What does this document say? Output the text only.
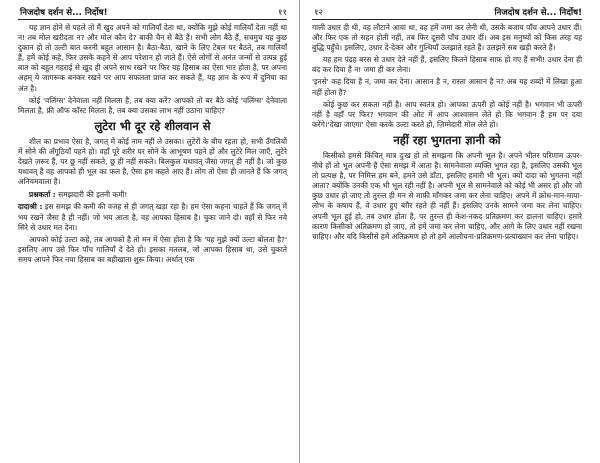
निजदोष दर्शन से... निर्दोष!	११

यह ज्ञान होने से पहले तो मैं खुद अपने को गालियाँ देता था, क्योंकि मुझे कोई गालियाँ देता नहीं था न! तब मोल खरीदता न? और मोल कौन दे? बाकी चैन से बैठे हैं। सभी लोग बैठे हैं, सचमुच यह कुछ दुकान हो तो उल्टी बात करनी बहुत आसान है। बैठा-बैठा, खाने के लिए टेबल पर बैठते, तब गालियाँ हैं, हमें कोई कहे, फिर उसके कहने से आप परेशान हो जाते हैं। ऐसे लोगों से अनंत जन्मों से उत्पन्न हुई बात को बहुत गहराई से ख़ुद ही अपने साथ रखने पर फिर यह हिसाब का ऐसा भार होता है, पर अपना अहम् ये जागरूक बनकर रखने पर आप सफलता प्राप्त कर सकते हैं, यह ज्ञान के रूप में दुनिया का अंत है।

कोई 'वलिंग्स' देनेवाला नहीं मिलता है, तब क्या करें? आपको तो बर बैठे कोई 'वलिंग्स' देनेवाला मिलता है, फ्री ऑफ कॉस्ट मिलता है, तब क्या उसका लाभ नहीं उठाना चाहिए?

लुटेरा भी दूर रहे शीलवान से

शील का प्रभाव ऐसा है, जगत् में कोई नाम नहीं ले उसका। लुटेरों के बीच रहता हो, सभी उँगलियों में सोने की अँगूठियाँ पहने हो। वहाँ पूरे शरीर पर सोने के आभूषण पहने हों और लुटेरे मिल जाएँ, लुटेरे देखते ज़रूर हैं, पर छू नहीं सकते, छू ही नहीं सकते। बिलकुल यथावत् जैसा जगत् ही नहीं है। जो कुछ यथावत् है वह आपको ही भूल का फल है, ऐसा हम कहते आए हैं। लोग तो ऐसा ही जानते हैं कि जगत् अनियमवाला है।

प्रश्नकर्ता : समझदारी की इतनी कमी!

दादाश्री : इस समझ की कमी की वजह से ही जगत् खड़ा रहा है। हम ऐसा कहना चाहते हैं कि जगत् में भय रखने जैसा है ही नहीं। जो भय आता है, वह आपका हिसाब है। चुका जाने दो। वहाँ से फिर नये सिरे से उधार मत देना।

आपको कोई उल्टा कहे, तब आपको है तो मन में ऐसा होता है कि 'यह मुझे क्यों उल्टा बोलता है?' इसलिए आप उसे फिर पाँच गालियाँ दे देते हो। इसका मतलब, जो आपका हिसाब था, उसे चुकाते समय आपने फिर नया हिसाब का बहीखाता शुरू किया। अर्थात् एक

१२	निजदोष दर्शन से... निर्दोष!

गाली उधार दी थी, वह लौटाने आया था, वह हमें जमा कर लेनी थी, उसके बजाय पाँच आपने उधार दीं। और फिर एक तो सहन होती नहीं, तब फिर दूसरी पाँच उधार दीं। अब इस मनुष्यों को किस तरह यह बुद्धि पहुँचे। इसलिए, उधार दे-देकर और गुत्थियाँ उलझाते रहते हैं। उलझनें सब खड़ी करते हैं।

यह हम पंद्रह बरस से उधार देते नहीं हैं, इसलिए कितने हिसाब साफ़ हो गए हैं सभी! उधार देना ही बंद कर दिया है न! जमा ही कर लेना।

'इनसे' कह दिया है न, जमा कर देना। आसान है न, रास्ता आसान है न? अब यह शब्दों में लिखा हुआ नहीं होता है?

कोई कुछ कर सकता नहीं है। आप स्वतंत्र हो। आपका ऊपरी हो कोई नहीं है। भगवान भी ऊपरी नहीं है वहाँ पर फिर? भगवान की ओट में आप आश्वासन लेते हो कि भगवान हैं हम पर दया करेंगे।'देखा जाएगा' ऐसा करके उल्टा करते हो, ज़िम्मेदारी मोल लेते हो।

नहीं रहा भुगतना ज्ञानी को

किसीको हमसे किंचित् मात्र दुःख हो तो समझना कि अपनी भूल है। अपने भीतर परिणाम ऊपर-नीचे हों तो भूल अपनी है ऐसा समझ में आता है। सामनेवाला व्यक्ति भुगत रहा है, इसलिए उसकी भूल तो प्रत्यक्ष है, पर निमित्त हम बने, हमने उसे डाँटा, इसलिए हमारी भी भूल। क्यों दादा को भुगतना नहीं आता? क्योंकि उनकी एक भी भूल रही नहीं है। अपनी भूल से सामनेवाले को कोई भी असर हो और जो कुछ उधार हो जाए तो तुरन्त ही मन से माफ़ी माँगकर जमा कर लेना चाहिए। अपने में क्रोध-मान-माया-लोभ के कषाय हैं, वे उधार हुए बग़ैर रहते ही नहीं हैं। इसलिए उनके सामने जमा कर लेना चाहिए। अपनी भूल हुई हो, तब उधार होता है, पर तुरन्त ही केश-नकद प्रतिक्रमण कर डालना चाहिए। हमारे कारण किसीको अतिक्रमण हो जाए, तो हमें जमा कर लेना चाहिए, और आगे के लिए उधार नहीं रखना चाहिए। और यदि किसीसे हमें अतिक्रमण हो तो हमें आलोचना-प्रतिक्रमण-प्रत्याख्यान कर लेना चाहिए।
